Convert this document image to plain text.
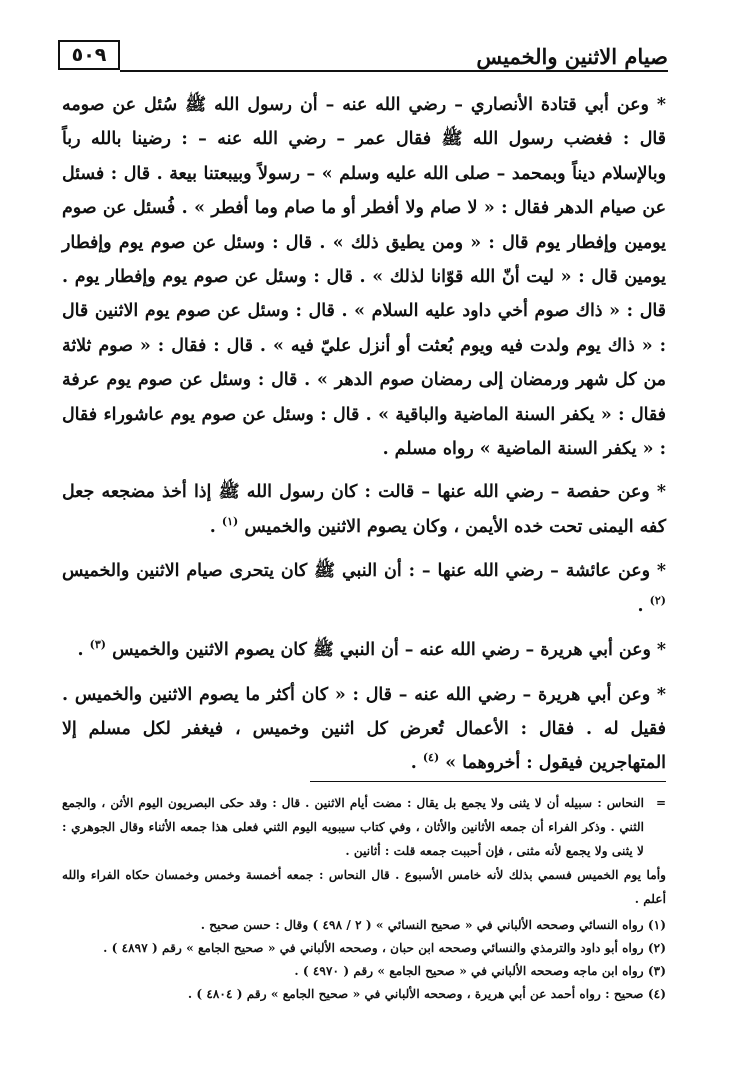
صيام الاثنين والخميس
٥٠٩

* وعن أبي قتادة الأنصاري – رضي الله عنه – أن رسول الله ﷺ سُئل عن صومه قال : فغضب رسول الله ﷺ فقال عمر – رضي الله عنه – : رضينا بالله رباً وبالإسلام ديناً وبمحمد – صلى الله عليه وسلم » – رسولاً وبيبعتنا بيعة . قال : فسئل عن صيام الدهر فقال : « لا صام ولا أفطر أو ما صام وما أفطر » . فُسئل عن صوم يومين وإفطار يوم قال : « ومن يطيق ذلك » . قال : وسئل عن صوم يوم وإفطار يومين قال : « ليت أنّ الله قوّانا لذلك » . قال : وسئل عن صوم يوم وإفطار يوم . قال : « ذاك صوم أخي داود عليه السلام » . قال : وسئل عن صوم يوم الاثنين قال : « ذاك يوم ولدت فيه ويوم بُعثت أو أنزل عليّ فيه » . قال : فقال : « صوم ثلاثة من كل شهر ورمضان إلى رمضان صوم الدهر » . قال : وسئل عن صوم يوم عرفة فقال : « يكفر السنة الماضية والباقية » . قال : وسئل عن صوم يوم عاشوراء فقال : « يكفر السنة الماضية » رواه مسلم .

* وعن حفصة – رضي الله عنها – قالت : كان رسول الله ﷺ إذا أخذ مضجعه جعل كفه اليمنى تحت خده الأيمن ، وكان يصوم الاثنين والخميس $^{(١)}$ .

* وعن عائشة – رضي الله عنها – : أن النبي ﷺ كان يتحرى صيام الاثنين والخميس $^{(٢)}$ .

* وعن أبي هريرة – رضي الله عنه – أن النبي ﷺ كان يصوم الاثنين والخميس $^{(٣)}$ .

* وعن أبي هريرة – رضي الله عنه – قال : « كان أكثر ما يصوم الاثنين والخميس . فقيل له . فقال : الأعمال تُعرض كل اثنين وخميس ، فيغفر لكل مسلم إلا المتهاجرين فيقول : أخروهما » $^{(٤)}$ .

= النحاس : سبيله أن لا يثنى ولا يجمع بل يقال : مضت أيام الاثنين . قال : وقد حكى البصريون اليوم الأثن ، والجمع الثني . وذكر الفراء أن جمعه الأثانين والأثان ، وفي كتاب سيبويه اليوم الثني فعلى هذا جمعه الأثناء وقال الجوهري : لا يثنى ولا يجمع لأنه مثنى ، فإن أحببت جمعه قلت : أثانين .

وأما يوم الخميس فسمي بذلك لأنه خامس الأسبوع . قال النحاس : جمعه أخمسة وخمس وخمسان حكاه الفراء والله أعلم .

(١) رواه النسائي وصححه الألباني في « صحيح النسائي » ( ٢ / ٤٩٨ ) وقال : حسن صحيح .

(٢) رواه أبو داود والترمذي والنسائي وصححه ابن حبان ، وصححه الألباني في « صحيح الجامع » رقم ( ٤٨٩٧ ) .

(٣) رواه ابن ماجه وصححه الألباني في « صحيح الجامع » رقم ( ٤٩٧٠ ) .

(٤) صحيح : رواه أحمد عن أبي هريرة ، وصححه الألباني في « صحيح الجامع » رقم ( ٤٨٠٤ ) .
